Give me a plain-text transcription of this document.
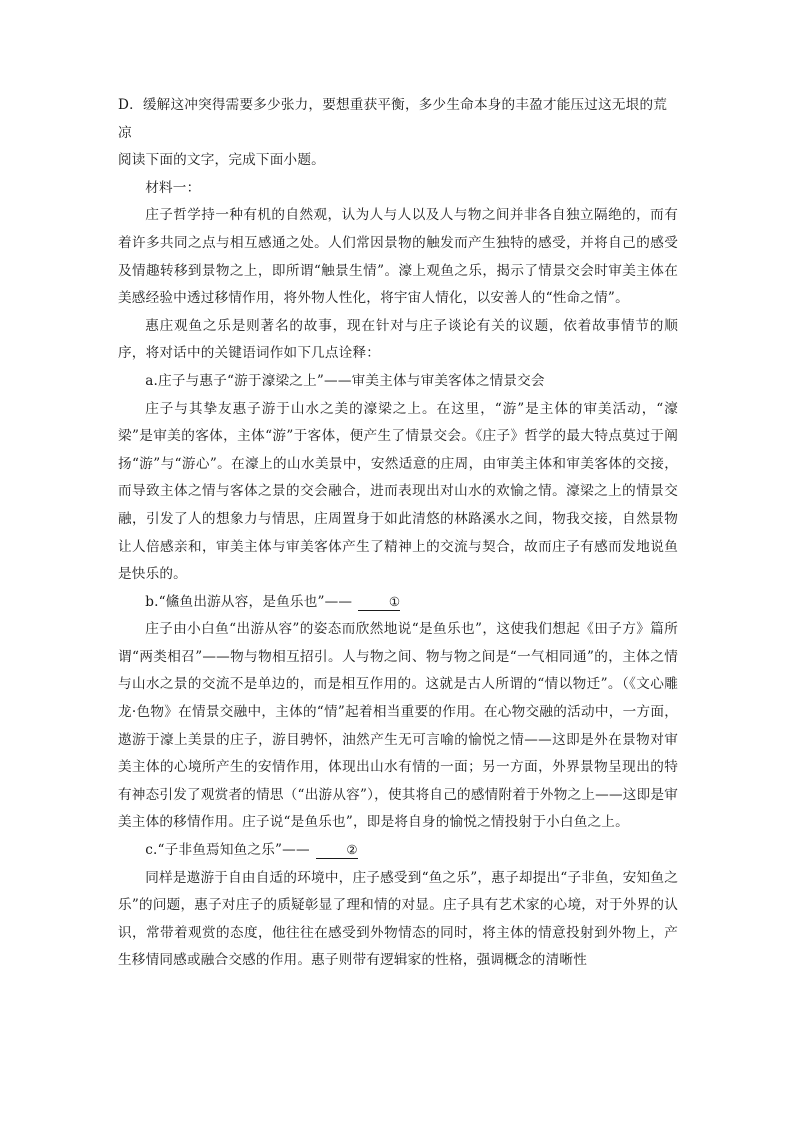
D．缓解这冲突得需要多少张力，要想重获平衡，多少生命本身的丰盈才能压过这无垠的荒

凉

阅读下面的文字，完成下面小题。

材料一：

庄子哲学持一种有机的自然观，认为人与人以及人与物之间并非各自独立隔绝的，而有着许多共同之点与相互感通之处。人们常因景物的触发而产生独特的感受，并将自己的感受及情趣转移到景物之上，即所谓“触景生情”。濠上观鱼之乐，揭示了情景交会时审美主体在美感经验中透过移情作用，将外物人性化，将宇宙人情化，以安善人的“性命之情”。

惠庄观鱼之乐是则著名的故事，现在针对与庄子谈论有关的议题，依着故事情节的顺序，将对话中的关键语词作如下几点诠释：

a.庄子与惠子“游于濠梁之上”——审美主体与审美客体之情景交会

庄子与其挚友惠子游于山水之美的濠梁之上。在这里，“游”是主体的审美活动，“濠梁”是审美的客体，主体“游”于客体，便产生了情景交会。《庄子》哲学的最大特点莫过于阐扬“游”与“游心”。在濠上的山水美景中，安然适意的庄周，由审美主体和审美客体的交接，而导致主体之情与客体之景的交会融合，进而表现出对山水的欢愉之情。濠梁之上的情景交融，引发了人的想象力与情思，庄周置身于如此清悠的林路溪水之间，物我交接，自然景物让人倍感亲和，审美主体与审美客体产生了精神上的交流与契合，故而庄子有感而发地说鱼是快乐的。

b.“鯈鱼出游从容，是鱼乐也”——	①

庄子由小白鱼“出游从容”的姿态而欣然地说“是鱼乐也”，这使我们想起《田子方》篇所谓“两类相召”——物与物相互招引。人与物之间、物与物之间是“一气相同通”的，主体之情与山水之景的交流不是单边的，而是相互作用的。这就是古人所谓的“情以物迁”。（《文心雕龙·色物》在情景交融中，主体的“情”起着相当重要的作用。在心物交融的活动中，一方面，遨游于濠上美景的庄子，游目骋怀，油然产生无可言喻的愉悦之情——这即是外在景物对审美主体的心境所产生的安情作用，体现出山水有情的一面；另一方面，外界景物呈现出的特有神态引发了观赏者的情思（“出游从容”），使其将自己的感情附着于外物之上——这即是审美主体的移情作用。庄子说“是鱼乐也”，即是将自身的愉悦之情投射于小白鱼之上。

c.“子非鱼焉知鱼之乐”——	②

同样是遨游于自由自适的环境中，庄子感受到“鱼之乐”，惠子却提出“子非鱼，安知鱼之乐”的问题，惠子对庄子的质疑彰显了理和情的对显。庄子具有艺术家的心境，对于外界的认识，常带着观赏的态度，他往往在感受到外物情态的同时，将主体的情意投射到外物上，产生移情同感或融合交感的作用。惠子则带有逻辑家的性格，强调概念的清晰性
